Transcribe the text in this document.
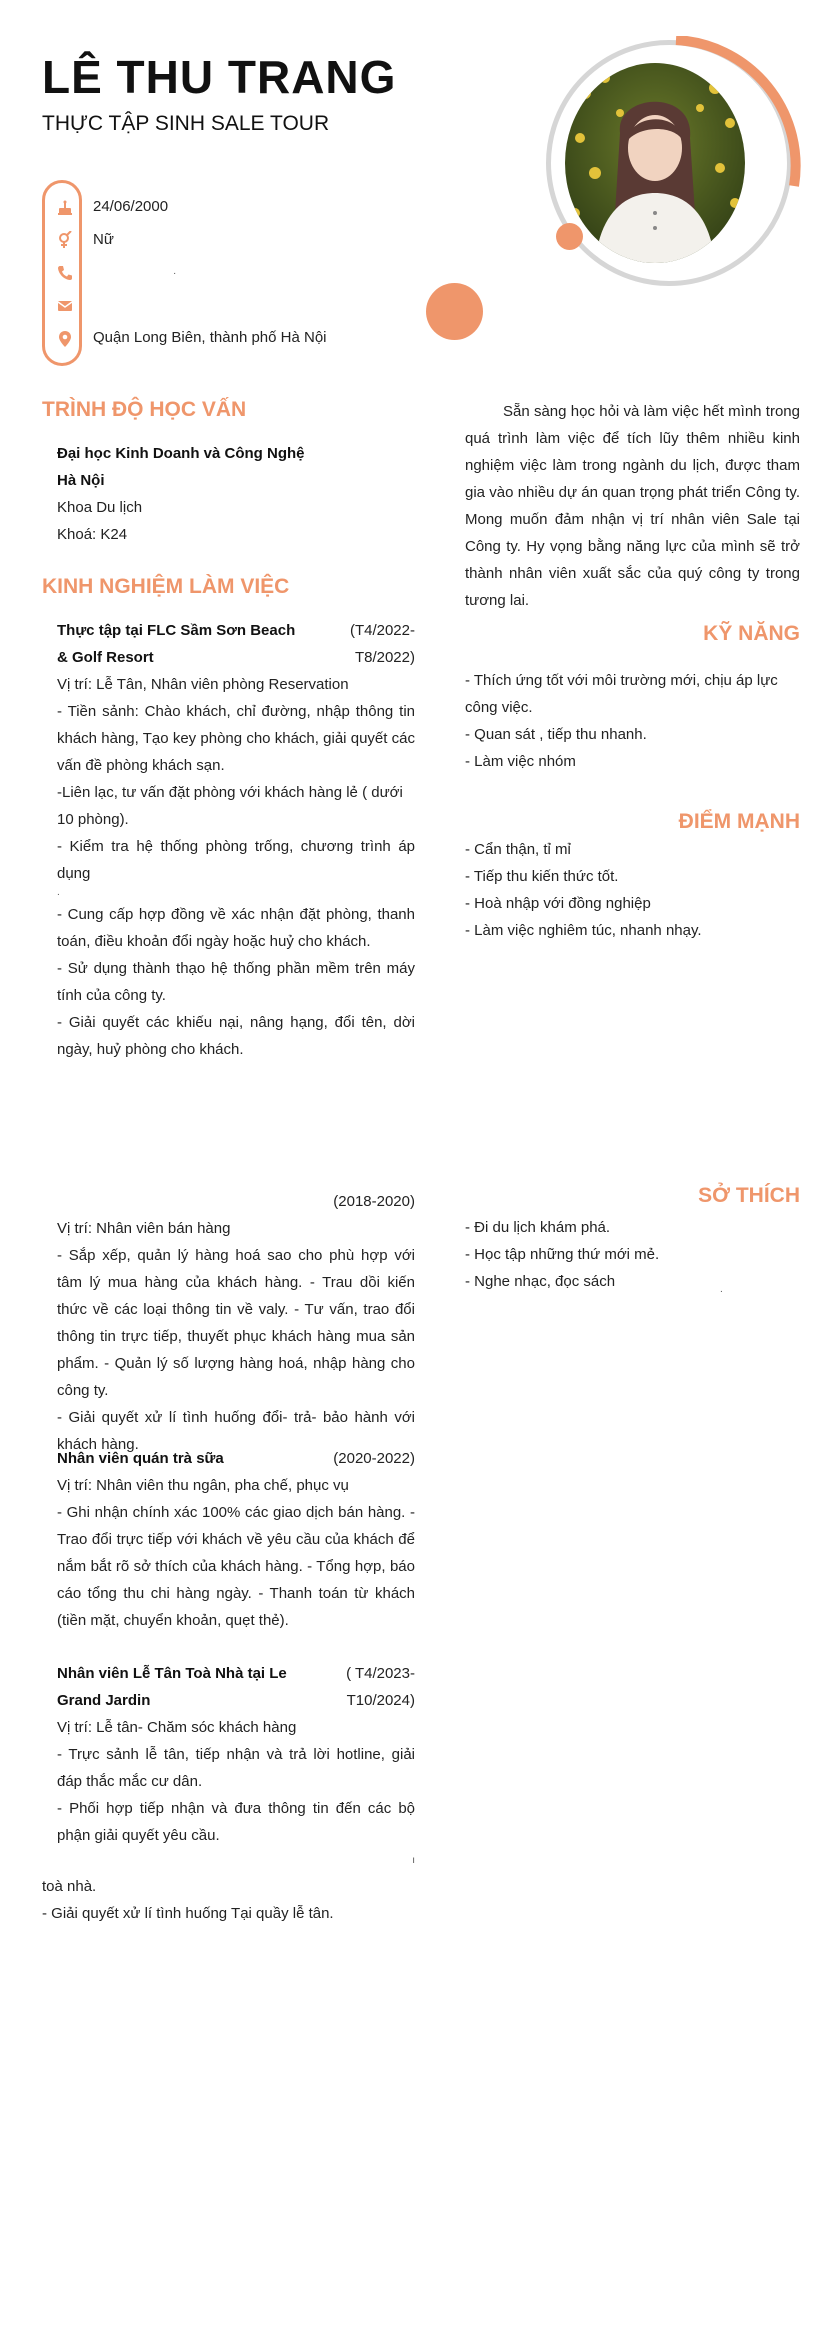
LÊ THU TRANG

THỰC TẬP SINH SALE TOUR

24/06/2000
Nữ
·
Quận Long Biên, thành phố Hà Nội
TRÌNH ĐỘ HỌC VẤN
Đại học Kinh Doanh và Công Nghệ
Hà Nội
Khoa Du lịch
Khoá: K24
Sẵn sàng học hỏi và làm việc hết mình trong quá trình làm việc để tích lũy thêm nhiều kinh nghiệm việc làm trong ngành du lịch, được tham gia vào nhiều dự án quan trọng phát triển Công ty. Mong muốn đảm nhận vị trí nhân viên Sale tại Công ty. Hy vọng bằng năng lực của mình sẽ trở thành nhân viên xuất sắc của quý công ty trong tương lai.
KINH NGHIỆM LÀM VIỆC
Thực tập tại FLC Sầm Sơn Beach & Golf Resort
(T4/2022-T8/2022)
Vị trí: Lễ Tân, Nhân viên phòng Reservation
- Tiền sảnh: Chào khách, chỉ đường, nhập thông tin khách hàng, Tạo key phòng cho khách, giải quyết các vấn đề phòng khách sạn.
-Liên lạc, tư vấn đặt phòng với khách hàng lẻ ( dưới 10 phòng).
- Kiểm tra hệ thống phòng trống, chương trình áp dụng
.
- Cung cấp hợp đồng về xác nhận đặt phòng, thanh toán, điều khoản đổi ngày hoặc huỷ cho khách.
- Sử dụng thành thạo hệ thống phần mềm trên máy tính của công ty.
- Giải quyết các khiếu nại, nâng hạng, đổi tên, dời ngày, huỷ phòng cho khách.
(2018-2020)
Vị trí: Nhân viên bán hàng
- Sắp xếp, quản lý hàng hoá sao cho phù hợp với tâm lý mua hàng của khách hàng. - Trau dồi kiến thức về các loại thông tin về valy. - Tư vấn, trao đổi thông tin trực tiếp, thuyết phục khách hàng mua sản phẩm. - Quản lý số lượng hàng hoá, nhập hàng cho công ty.
- Giải quyết xử lí tình huống đổi- trả- bảo hành với khách hàng.
Nhân viên quán trà sữa	(2020-2022)
Vị trí: Nhân viên thu ngân, pha chế, phục vụ
- Ghi nhận chính xác 100% các giao dịch bán hàng. - Trao đổi trực tiếp với khách về yêu cầu của khách để nắm bắt rõ sở thích của khách hàng. - Tổng hợp, báo cáo tổng thu chi hàng ngày. - Thanh toán từ khách (tiền mặt, chuyển khoản, quẹt thẻ).
Nhân viên Lễ Tân Toà Nhà tại Le Grand Jardin
( T4/2023-T10/2024)
Vị trí: Lễ tân- Chăm sóc khách hàng
- Trực sảnh lễ tân, tiếp nhận và trả lời hotline, giải đáp thắc mắc cư dân.
- Phối hợp tiếp nhận và đưa thông tin đến các bộ phận giải quyết yêu cầu.
ı
toà nhà.
- Giải quyết xử lí tình huống Tại quầy lễ tân.
KỸ NĂNG
- Thích ứng tốt với môi trường mới, chịu áp lực công việc.
- Quan sát , tiếp thu nhanh.
- Làm việc nhóm
ĐIỂM MẠNH
- Cẩn thận, tỉ mỉ
- Tiếp thu kiến thức tốt.
- Hoà nhập với đồng nghiệp
- Làm việc nghiêm túc, nhanh nhạy.
SỞ THÍCH
- Đi du lịch khám phá.
- Học tập những thứ mới mẻ.
- Nghe nhạc, đọc sách	.
